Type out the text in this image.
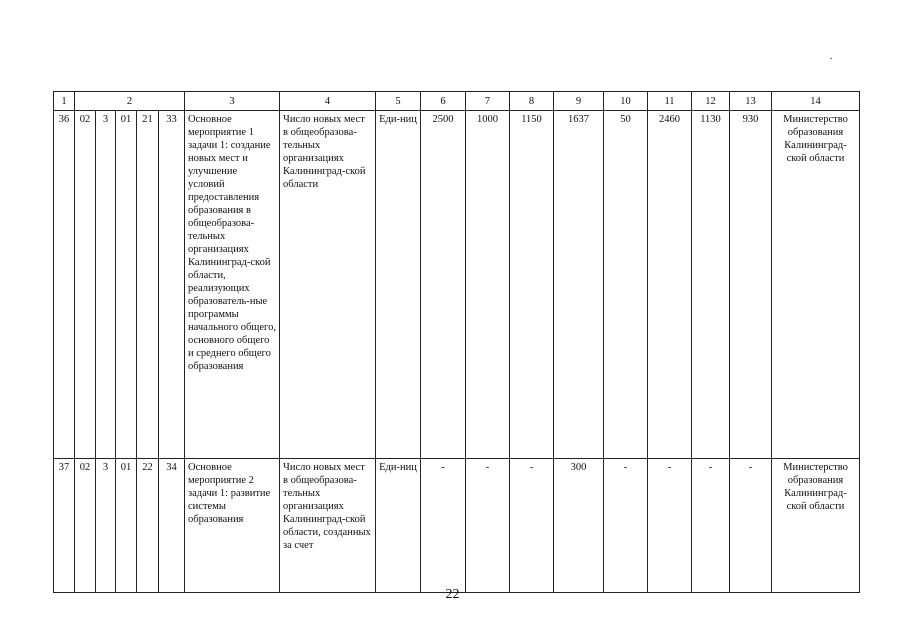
1	2					3	4	5	6	7	8	9	10	11	12	13	14
36	02	3	01	21	33	Основное мероприятие 1 задачи 1: создание новых мест и улучшение условий предоставления образования в общеобразова-тельных организациях Калининград-ской области, реализующих образователь-ные программы начального общего, основного общего и среднего общего образования	Число новых мест в общеобразова-тельных организациях Калининград-ской области	Еди-ниц	2500	1000	1150	1637	50	2460	1130	930	Министерство образования Калининград-ской области
37	02	3	01	22	34	Основное мероприятие 2 задачи 1: развитие системы образования	Число новых мест в общеобразова-тельных организациях Калининград-ской области, созданных за счет	Еди-ниц	-	-	-	300	-	-	-	-	Министерство образования Калининград-ской области
22
